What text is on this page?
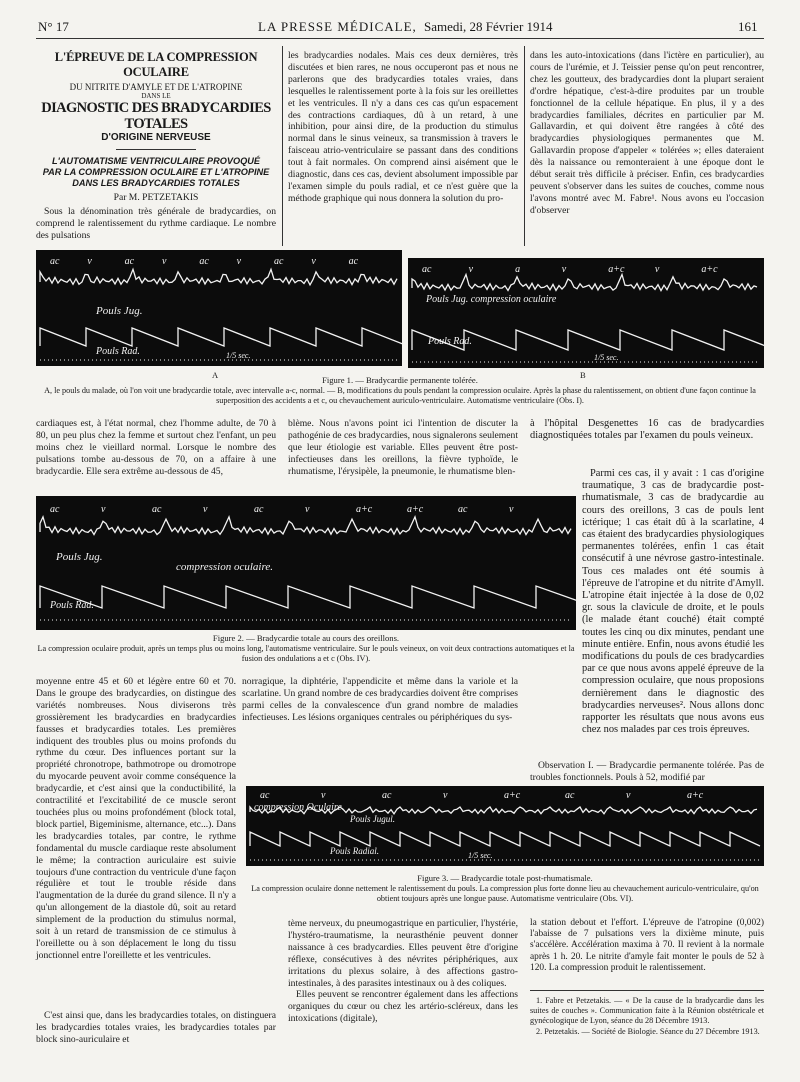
N° 17	LA PRESSE MÉDICALE, Samedi, 28 Février 1914	161
L'ÉPREUVE DE LA COMPRESSION OCULAIRE
DU NITRITE D'AMYLE ET DE L'ATROPINE
DANS LE
DIAGNOSTIC DES BRADYCARDIES TOTALES
D'ORIGINE NERVEUSE
L'AUTOMATISME VENTRICULAIRE PROVOQUÉ
PAR LA COMPRESSION OCULAIRE ET L'ATROPINE
DANS LES BRADYCARDIES TOTALES
Par M. PETZETAKIS

Sous la dénomination très générale de bradycardies, on comprend le ralentissement du rythme cardiaque. Le nombre des pulsations

les bradycardies nodales. Mais ces deux dernières, très discutées et bien rares, ne nous occuperont pas et nous ne parlerons que des bradycardies totales vraies, dans lesquelles le ralentissement porte à la fois sur les oreillettes et les ventricules. Il n'y a dans ces cas qu'un espacement des contractions cardiaques, dû à un retard, à une inhibition, pour ainsi dire, de la production du stimulus normal dans le sinus veineux, sa transmission à travers le faisceau atrio-ventriculaire se passant dans des conditions tout à fait normales. On comprend ainsi aisément que le diagnostic, dans ces cas, devient absolument impossible par l'examen simple du pouls radial, et ce n'est guère que la méthode graphique qui nous donnera la solution du pro-

dans les auto-intoxications (dans l'ictère en particulier), au cours de l'urémie, et J. Teissier pense qu'on peut rencontrer, chez les goutteux, des bradycardies dont la plupart seraient d'ordre hépatique, c'est-à-dire produites par un trouble fonctionnel de la cellule hépatique. En plus, il y a des bradycardies familiales, décrites en particulier par M. Gallavardin, et qui doivent être rangées à côté des bradycardies physiologiques permanentes que M. Gallavardin propose d'appeler « tolérées »; elles dateraient dès la naissance ou remonteraient à une époque dont le début serait très difficile à préciser. Enfin, ces bradycardies peuvent s'observer dans les suites de couches, comme nous l'avons montré avec M. Fabre¹. Nous avons eu l'occasion d'observer

ac	v	ac	v	ac	v	ac	v	ac
Pouls Jug.
Pouls Rad.	1/5 sec.
ac	v	a	v	a+c	v	a+c
Pouls Jug. compression oculaire
Pouls Rad.
1/5 sec.
A	B
Figure 1. — Bradycardie permanente tolérée.
A, le pouls du malade, où l'on voit une bradycardie totale, avec intervalle a-c, normal. — B, modifications du pouls pendant la compression oculaire. Après la phase du ralentissement, on obtient d'une façon continue la superposition des accidents a et c, ou chevauchement auriculo-ventriculaire. Automatisme ventriculaire (Obs. I).

cardiaques est, à l'état normal, chez l'homme adulte, de 70 à 80, un peu plus chez la femme et surtout chez l'enfant, un peu moins chez le vieillard normal. Lorsque le nombre des pulsations tombe au-dessous de 70, on a affaire à une bradycardie. Elle sera extrême au-dessous de 45,

blème. Nous n'avons point ici l'intention de discuter la pathogénie de ces bradycardies, nous signalerons seulement que leur étiologie est variable. Elles peuvent être post-infectieuses dans les oreillons, la fièvre typhoïde, le rhumatisme, l'érysipèle, la pneumonie, le rhumatisme blen-

à l'hôpital Desgenettes 16 cas de bradycardies diagnostiquées totales par l'examen du pouls veineux.

Parmi ces cas, il y avait : 1 cas d'origine traumatique, 3 cas de bradycardie post-rhumatismale, 3 cas de bradycardie au cours des oreillons, 3 cas de pouls lent ictérique; 1 cas était dû à la scarlatine, 4 cas étaient des bradycardies physiologiques permanentes tolérées, enfin 1 cas était consécutif à une névrose gastro-intestinale. Tous ces malades ont été soumis à l'épreuve de l'atropine et du nitrite d'Amyll. L'atropine était injectée à la dose de 0,02 gr. sous la clavicule de droite, et le pouls (le malade étant couché) était compté toutes les cinq ou dix minutes, pendant une minute entière. Enfin, nous avons étudié les modifications du pouls de ces bradycardies par ce que nous avons appelé épreuve de la compression oculaire, que nous proposions dernièrement dans le diagnostic des bradycardies nerveuses². Nous allons donc rapporter les résultats que nous avons eus chez nos malades par ces trois épreuves.

ac	v	ac	v	ac	v	a+c	a+c	ac	v
Pouls Jug.
compression oculaire.
Pouls Rad.
Figure 2. — Bradycardie totale au cours des oreillons.
La compression oculaire produit, après un temps plus ou moins long, l'automatisme ventriculaire. Sur le pouls veineux, on voit deux contractions automatiques et la fusion des ondulations a et c (Obs. IV).

norragique, la diphtérie, l'appendicite et même dans la variole et la scarlatine. Un grand nombre de ces bradycardies doivent être comprises parmi celles de la convalescence d'un grand nombre de maladies infectieuses. Les lésions organiques centrales ou périphériques du sys-

Observation I. — Bradycardie permanente tolérée. Pas de troubles fonctionnels. Pouls à 52, modifié par

moyenne entre 45 et 60 et légère entre 60 et 70. Dans le groupe des bradycardies, on distingue des variétés nombreuses. Nous diviserons très grossièrement les bradycardies en bradycardies fausses et bradycardies totales. Les premières indiquent des troubles plus ou moins profonds du rythme du cœur. Des influences portant sur la propriété chronotrope, bathmotrope ou dromotrope du myocarde peuvent avoir comme conséquence la bradycardie, et c'est ainsi que la conductibilité, la contractilité et l'excitabilité de ce muscle seront touchées plus ou moins profondément (block total, block partiel, Bigeminisme, alternance, etc...). Dans les bradycardies totales, par contre, le rythme fondamental du muscle cardiaque reste absolument le même; la contraction auriculaire est suivie toujours d'une contraction du ventricule d'une façon régulière et tout le trouble réside dans l'augmentation de la durée du grand silence. Il n'y a qu'un allongement de la diastole dû, soit au retard simplement de la production du stimulus normal, soit à un retard de transmission de ce stimulus à l'oreillette ou à son déplacement le long du tissu jonctionnel entre l'oreillette et les ventricules.

ac	v	ac	v	a+c	ac	v	a+c
compression Oculaire.
Pouls Jugul.
Pouls Radial.	1/5 sec.
Figure 3. — Bradycardie totale post-rhumatismale.
La compression oculaire donne nettement le ralentissement du pouls. La compression plus forte donne lieu au chevauchement auriculo-ventriculaire, qu'on obtient toujours après une longue pause. Automatisme ventriculaire (Obs. VI).

C'est ainsi que, dans les bradycardies totales, on distinguera les bradycardies totales vraies, les bradycardies totales par block sino-auriculaire et

tème nerveux, du pneumogastrique en particulier, l'hystérie, l'hystéro-traumatisme, la neurasthénie peuvent donner naissance à ces bradycardies. Elles peuvent être d'origine réflexe, consécutives à des névrites périphériques, aux irritations du plexus solaire, à des affections gastro-intestinales, à des parasites intestinaux ou à des coliques.

Elles peuvent se rencontrer également dans les affections organiques du cœur ou chez les artério-scléreux, dans les intoxications (digitale),

la station debout et l'effort. L'épreuve de l'atropine (0,002) l'abaisse de 7 pulsations vers la dixième minute, puis s'accélère. Accélération maxima à 70. Il revient à la normale après 1 h. 20. Le nitrite d'amyle fait monter le pouls de 52 à 120. La compression produit le ralentissement.

1. Fabre et Petzetakis. — « De la cause de la bradycardie dans les suites de couches ». Communication faite à la Réunion obstétricale et gynécologique de Lyon, séance du 28 Décembre 1913.

2. Petzetakis. — Société de Biologie. Séance du 27 Décembre 1913.
